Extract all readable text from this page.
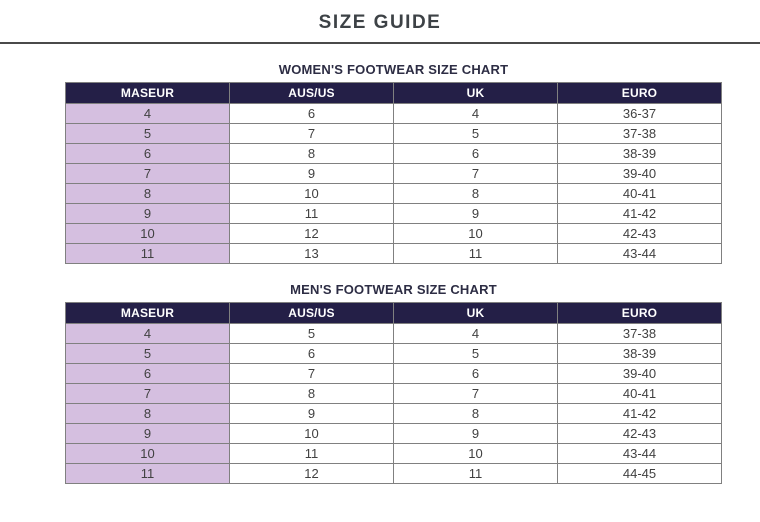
SIZE GUIDE
WOMEN'S FOOTWEAR SIZE CHART
MASEUR	AUS/US	UK	EURO
4	6	4	36-37
5	7	5	37-38
6	8	6	38-39
7	9	7	39-40
8	10	8	40-41
9	11	9	41-42
10	12	10	42-43
11	13	11	43-44
MEN'S FOOTWEAR SIZE CHART
MASEUR	AUS/US	UK	EURO
4	5	4	37-38
5	6	5	38-39
6	7	6	39-40
7	8	7	40-41
8	9	8	41-42
9	10	9	42-43
10	11	10	43-44
11	12	11	44-45
